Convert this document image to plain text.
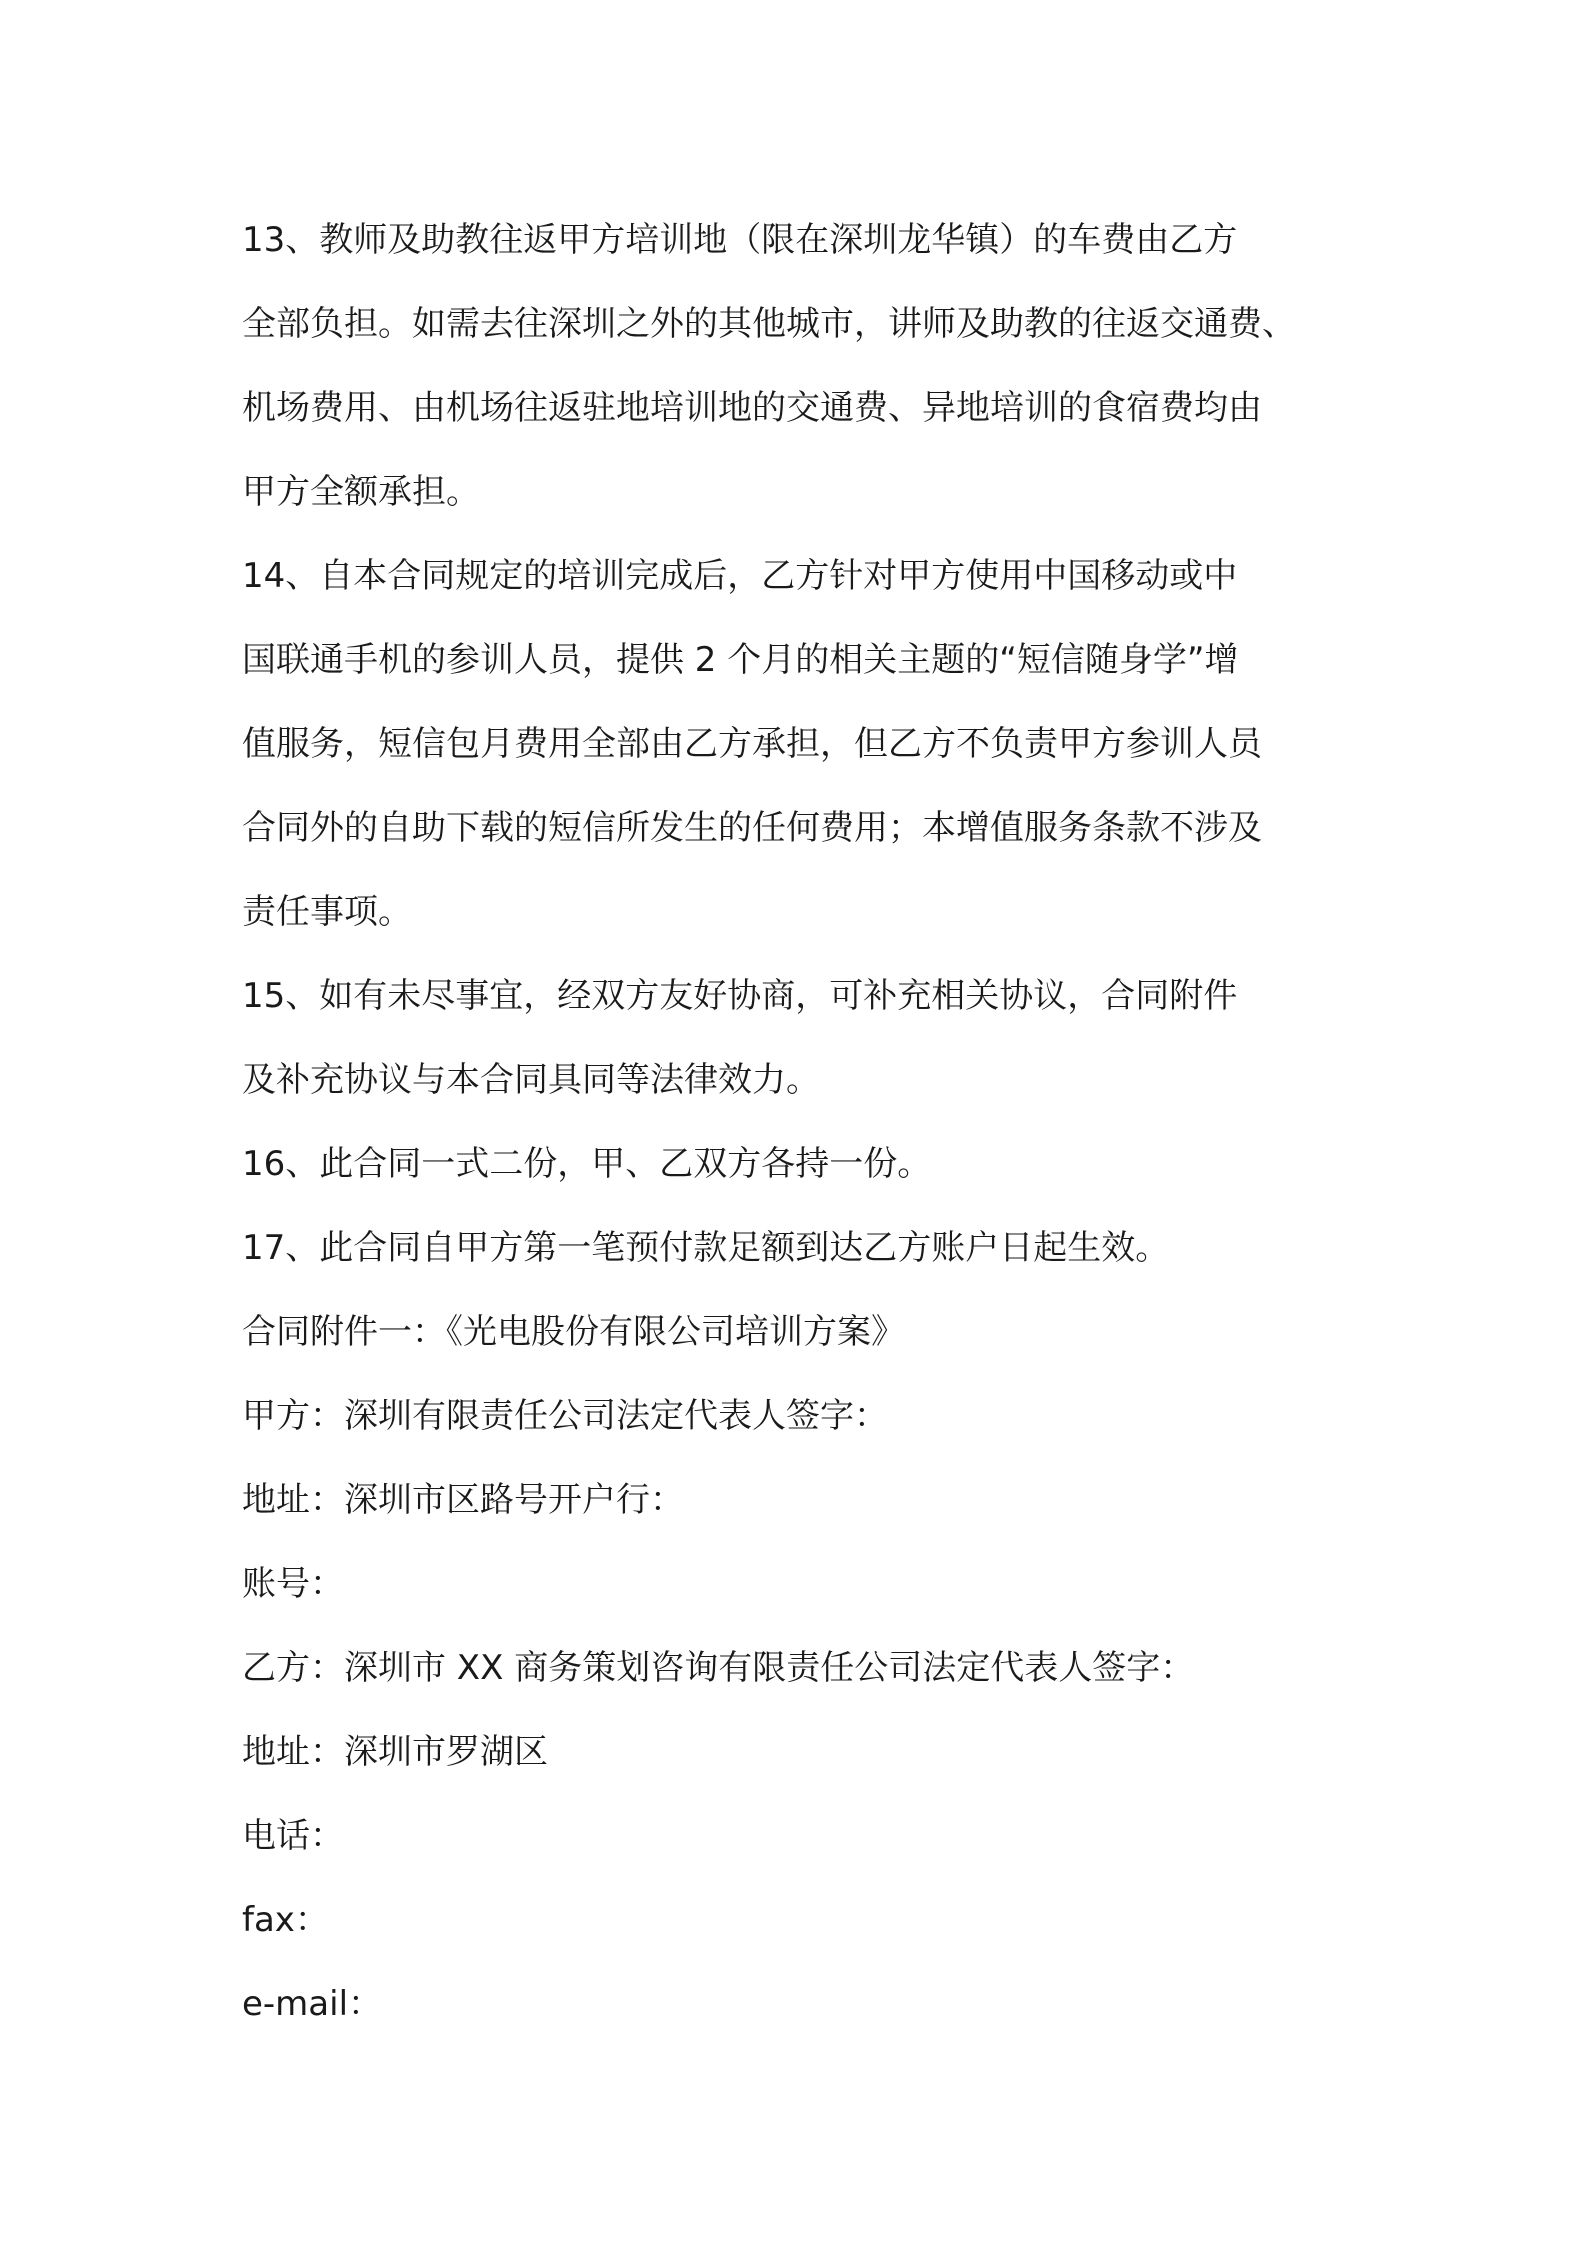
13、教师及助教往返甲方培训地（限在深圳龙华镇）的车费由乙方
全部负担。如需去往深圳之外的其他城市，讲师及助教的往返交通费、
机场费用、由机场往返驻地培训地的交通费、异地培训的食宿费均由
甲方全额承担。
14、自本合同规定的培训完成后，乙方针对甲方使用中国移动或中
国联通手机的参训人员，提供 2 个月的相关主题的“短信随身学”增
值服务，短信包月费用全部由乙方承担，但乙方不负责甲方参训人员
合同外的自助下载的短信所发生的任何费用；本增值服务条款不涉及
责任事项。
15、如有未尽事宜，经双方友好协商，可补充相关协议，合同附件
及补充协议与本合同具同等法律效力。
16、此合同一式二份，甲、乙双方各持一份。
17、此合同自甲方第一笔预付款足额到达乙方账户日起生效。
合同附件一：《光电股份有限公司培训方案》
甲方：深圳有限责任公司法定代表人签字：
地址：深圳市区路号开户行：
账号：
乙方：深圳市 XX 商务策划咨询有限责任公司法定代表人签字：
地址：深圳市罗湖区
电话：
fax：
e-mail：
